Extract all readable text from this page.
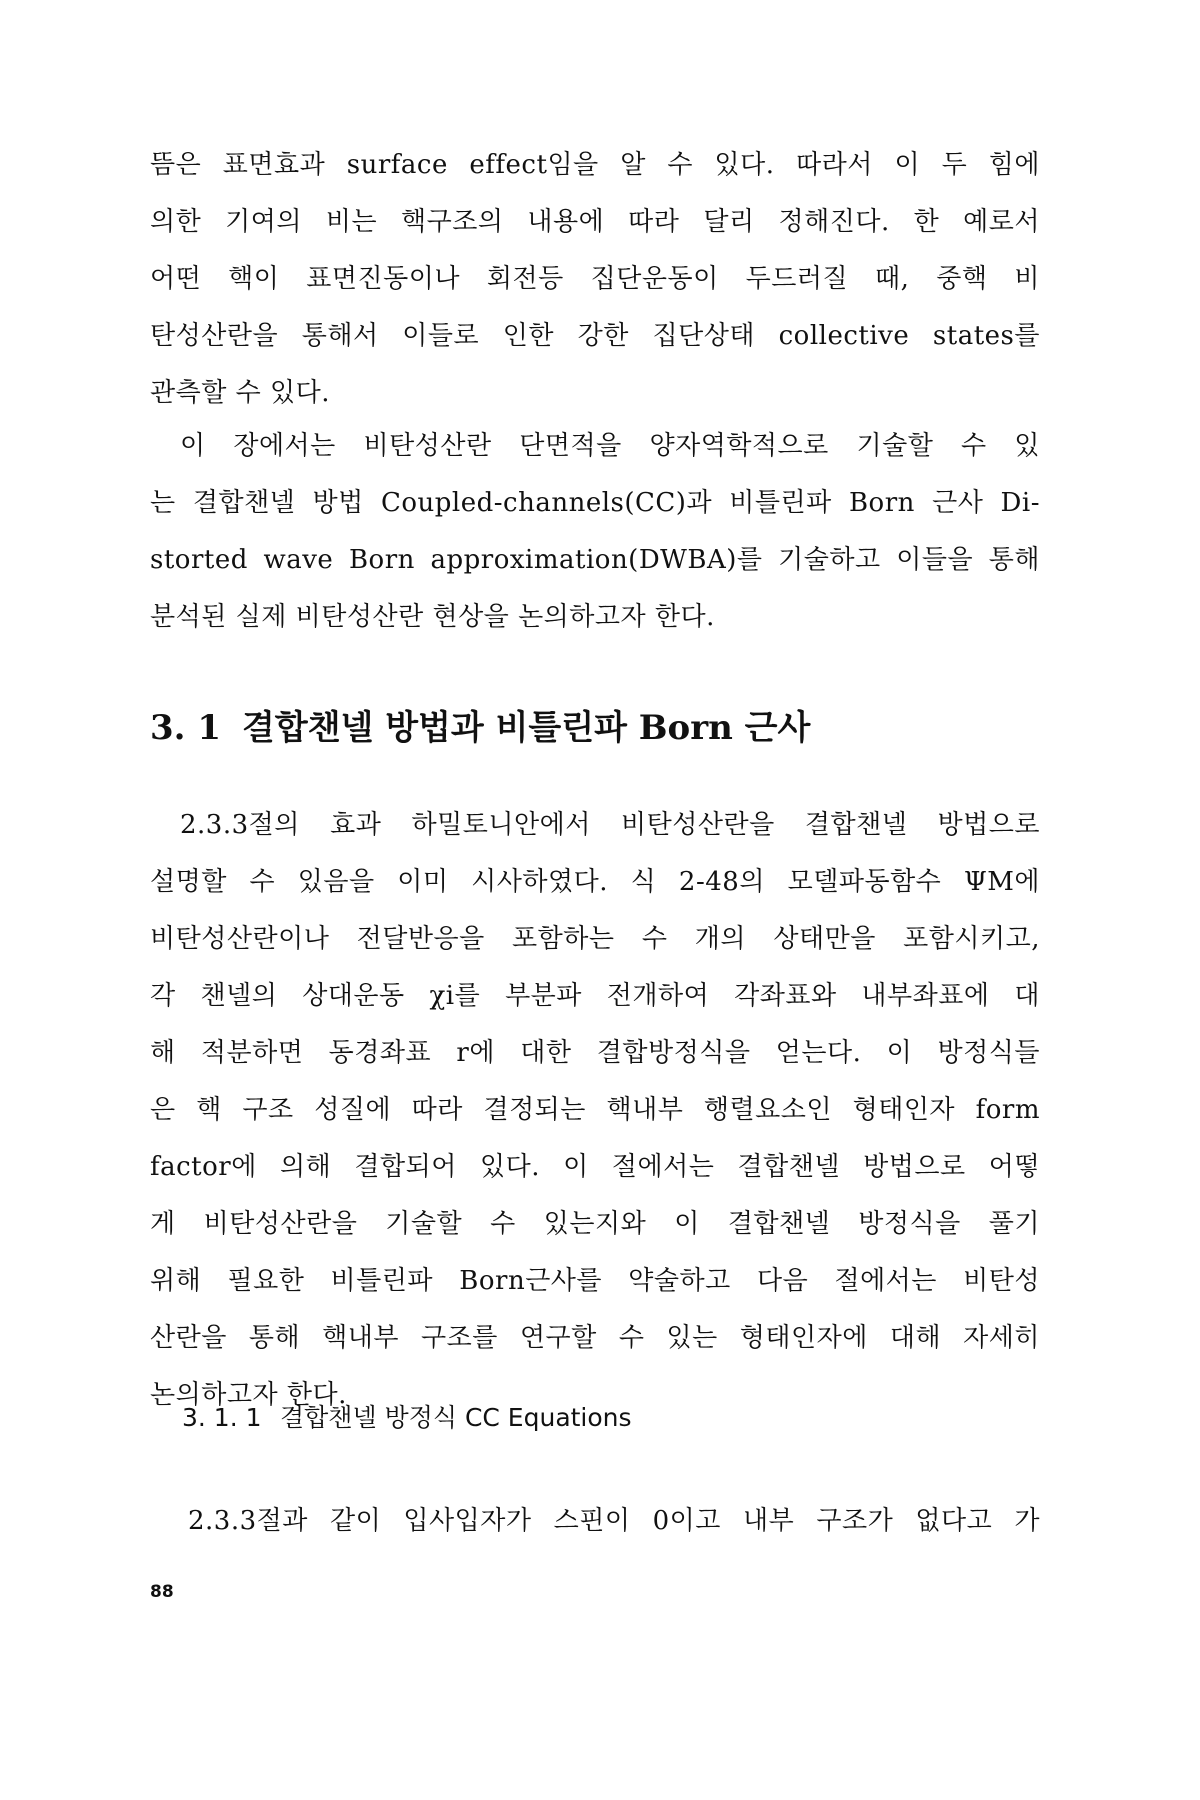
뜸은 표면효과 surface effect임을 알 수 있다. 따라서 이 두 힘에
의한 기여의 비는 핵구조의 내용에 따라 달리 정해진다. 한 예로서
어떤 핵이 표면진동이나 회전등 집단운동이 두드러질 때, 중핵 비
탄성산란을 통해서 이들로 인한 강한 집단상태 collective states를
관측할 수 있다.
이 장에서는 비탄성산란 단면적을 양자역학적으로 기술할 수 있
는 결합챈넬 방법 Coupled-channels(CC)과 비틀린파 Born 근사 Di-
storted wave Born approximation(DWBA)를 기술하고 이들을 통해
분석된 실제 비탄성산란 현상을 논의하고자 한다.
3. 1 결합챈넬 방법과 비틀린파 Born 근사
2.3.3절의 효과 하밀토니안에서 비탄성산란을 결합챈넬 방법으로
설명할 수 있음을 이미 시사하였다. 식 2-48의 모델파동함수 ΨM에
비탄성산란이나 전달반응을 포함하는 수 개의 상태만을 포함시키고,
각 챈넬의 상대운동 χi를 부분파 전개하여 각좌표와 내부좌표에 대
해 적분하면 동경좌표 r에 대한 결합방정식을 얻는다. 이 방정식들
은 핵 구조 성질에 따라 결정되는 핵내부 행렬요소인 형태인자 form
factor에 의해 결합되어 있다. 이 절에서는 결합챈넬 방법으로 어떻
게 비탄성산란을 기술할 수 있는지와 이 결합챈넬 방정식을 풀기
위해 필요한 비틀린파 Born근사를 약술하고 다음 절에서는 비탄성
산란을 통해 핵내부 구조를 연구할 수 있는 형태인자에 대해 자세히
논의하고자 한다.
3. 1. 1 결합챈넬 방정식 CC Equations
2.3.3절과 같이 입사입자가 스핀이 0이고 내부 구조가 없다고 가
88
